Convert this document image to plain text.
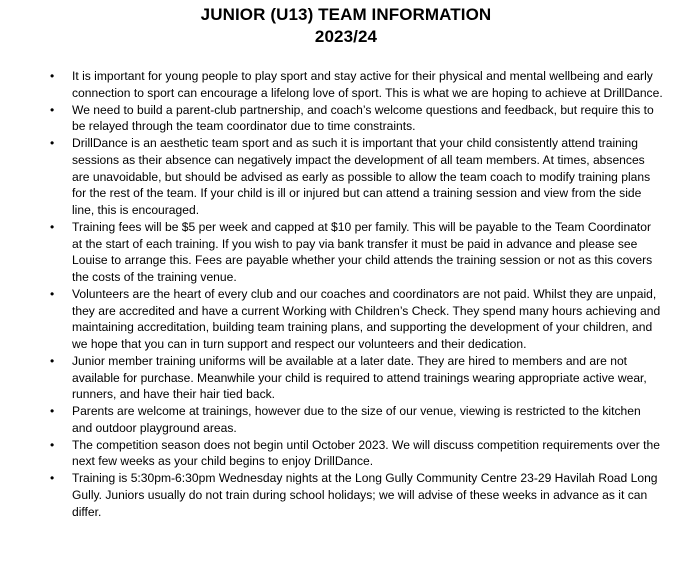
JUNIOR (U13) TEAM INFORMATION

2023/24

• It is important for young people to play sport and stay active for their physical and mental wellbeing and early connection to sport can encourage a lifelong love of sport. This is what we are hoping to achieve at DrillDance.
• We need to build a parent-club partnership, and coach’s welcome questions and feedback, but require this to be relayed through the team coordinator due to time constraints.
• DrillDance is an aesthetic team sport and as such it is important that your child consistently attend training sessions as their absence can negatively impact the development of all team members. At times, absences are unavoidable, but should be advised as early as possible to allow the team coach to modify training plans for the rest of the team. If your child is ill or injured but can attend a training session and view from the side line, this is encouraged.
• Training fees will be $5 per week and capped at $10 per family. This will be payable to the Team Coordinator at the start of each training. If you wish to pay via bank transfer it must be paid in advance and please see Louise to arrange this. Fees are payable whether your child attends the training session or not as this covers the costs of the training venue.
• Volunteers are the heart of every club and our coaches and coordinators are not paid. Whilst they are unpaid, they are accredited and have a current Working with Children’s Check. They spend many hours achieving and maintaining accreditation, building team training plans, and supporting the development of your children, and we hope that you can in turn support and respect our volunteers and their dedication.
• Junior member training uniforms will be available at a later date. They are hired to members and are not available for purchase. Meanwhile your child is required to attend trainings wearing appropriate active wear, runners, and have their hair tied back.
• Parents are welcome at trainings, however due to the size of our venue, viewing is restricted to the kitchen and outdoor playground areas.
• The competition season does not begin until October 2023. We will discuss competition requirements over the next few weeks as your child begins to enjoy DrillDance.
• Training is 5:30pm-6:30pm Wednesday nights at the Long Gully Community Centre 23-29 Havilah Road Long Gully. Juniors usually do not train during school holidays; we will advise of these weeks in advance as it can differ.
